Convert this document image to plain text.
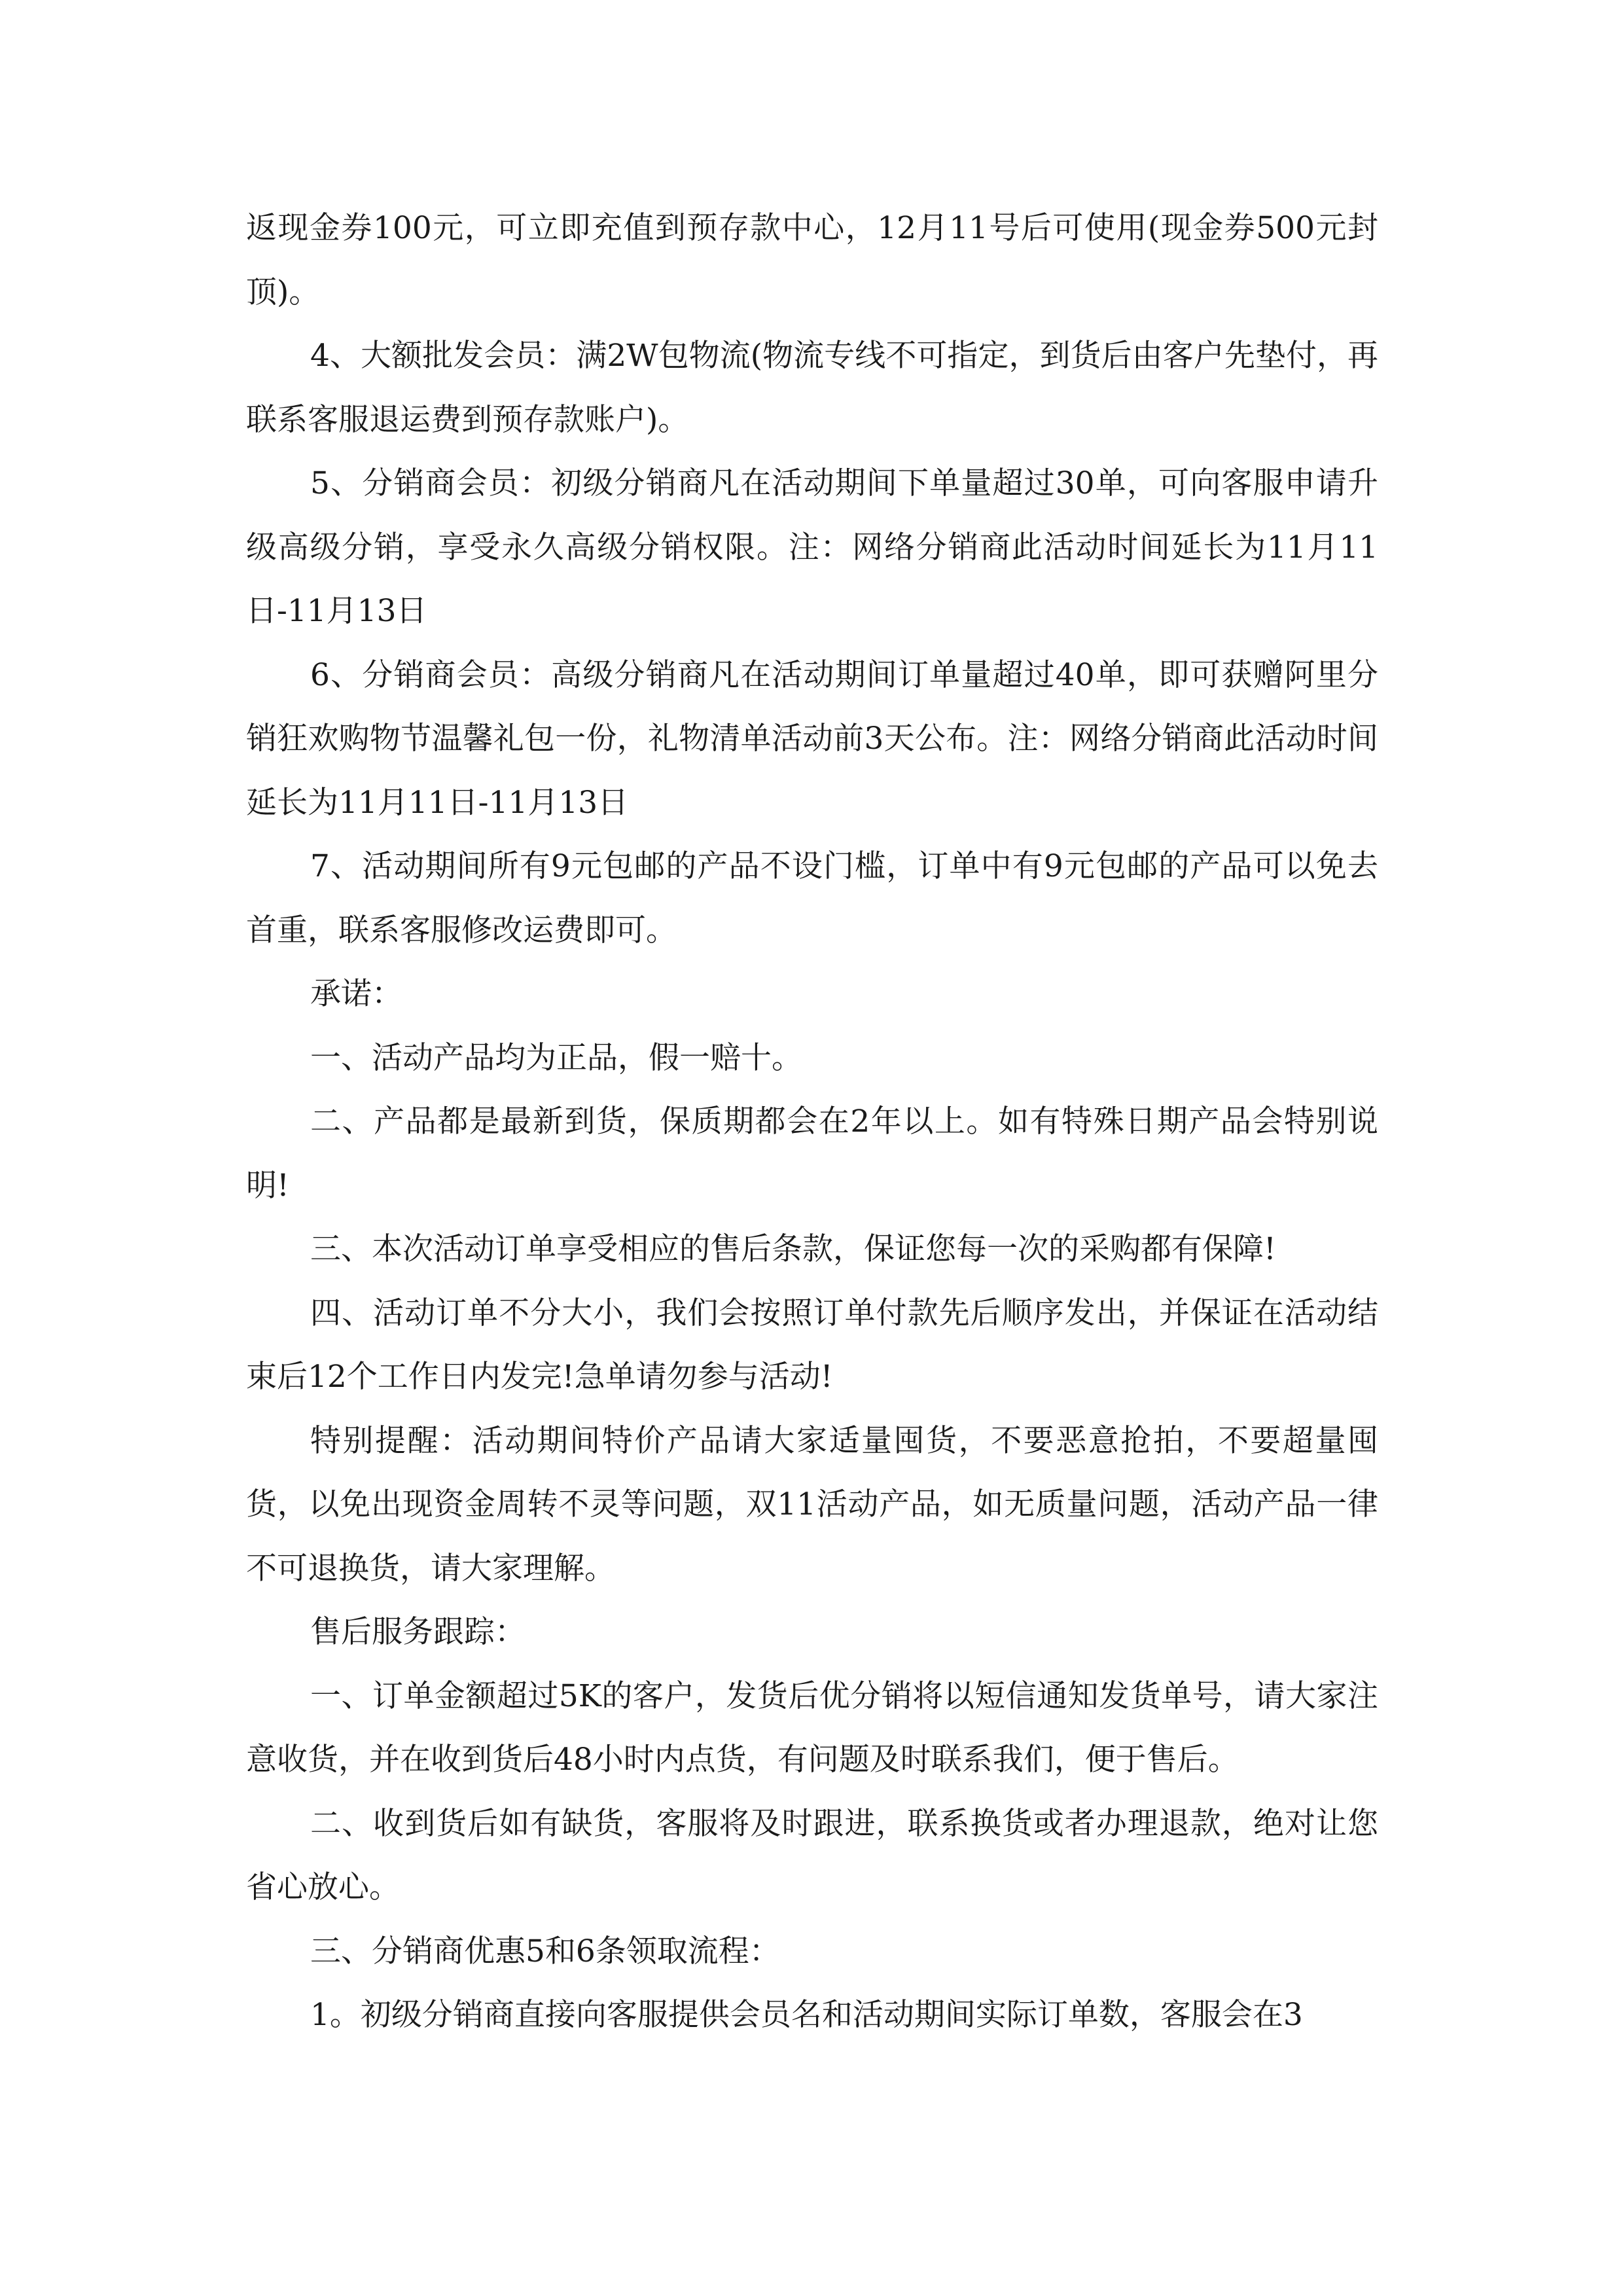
返现金券100元，可立即充值到预存款中心，12月11号后可使用(现金券500元封顶)。

4、大额批发会员：满2W包物流(物流专线不可指定，到货后由客户先垫付，再联系客服退运费到预存款账户)。

5、分销商会员：初级分销商凡在活动期间下单量超过30单，可向客服申请升级高级分销，享受永久高级分销权限。注：网络分销商此活动时间延长为11月11日-11月13日

6、分销商会员：高级分销商凡在活动期间订单量超过40单，即可获赠阿里分销狂欢购物节温馨礼包一份，礼物清单活动前3天公布。注：网络分销商此活动时间延长为11月11日-11月13日

7、活动期间所有9元包邮的产品不设门槛，订单中有9元包邮的产品可以免去首重，联系客服修改运费即可。

承诺：

一、活动产品均为正品，假一赔十。

二、产品都是最新到货，保质期都会在2年以上。如有特殊日期产品会特别说明!

三、本次活动订单享受相应的售后条款，保证您每一次的采购都有保障!

四、活动订单不分大小，我们会按照订单付款先后顺序发出，并保证在活动结束后12个工作日内发完!急单请勿参与活动!

特别提醒：活动期间特价产品请大家适量囤货，不要恶意抢拍，不要超量囤货，以免出现资金周转不灵等问题，双11活动产品，如无质量问题，活动产品一律不可退换货，请大家理解。

售后服务跟踪：

一、订单金额超过5K的客户，发货后优分销将以短信通知发货单号，请大家注意收货，并在收到货后48小时内点货，有问题及时联系我们，便于售后。

二、收到货后如有缺货，客服将及时跟进，联系换货或者办理退款，绝对让您省心放心。

三、分销商优惠5和6条领取流程：

1。初级分销商直接向客服提供会员名和活动期间实际订单数，客服会在3
